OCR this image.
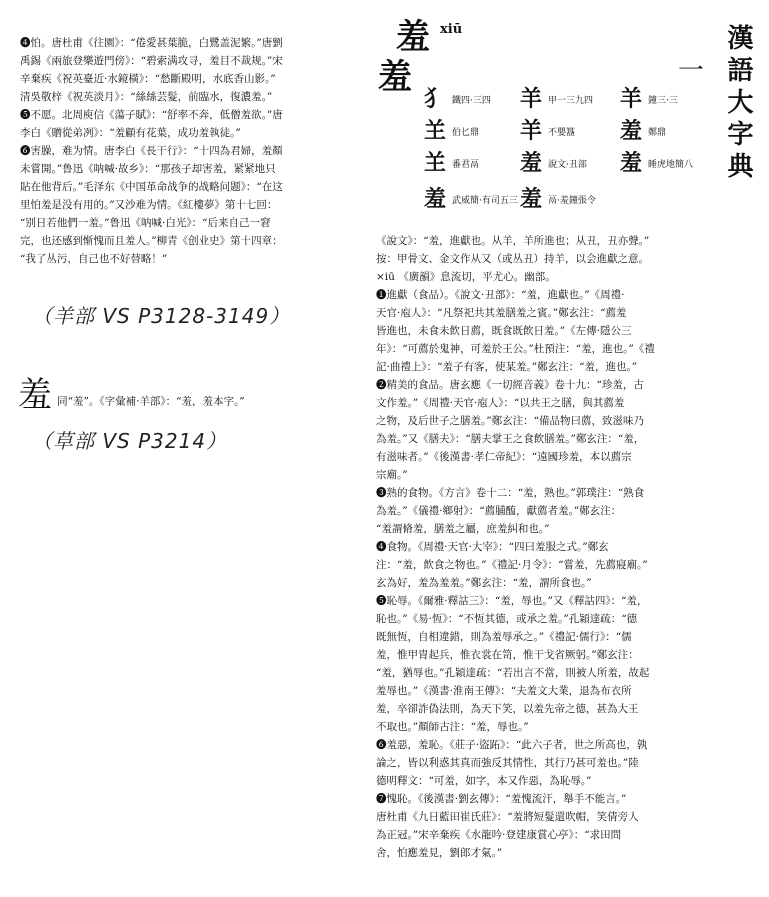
❹怕。唐杜甫《往園》：“倦愛甚葉脆，白鷺盖泥繁。”唐劉
禹錫《兩旅登樂遊門傍》：“碧索满攻寻，羞目不裁规。”宋
辛棄疾《祝英臺近·水鏡橫》：“愁斷殿明，水底香山影。”
清吳敬梓《祝英淡月》：“絲絲芸髮，前臨水，復濃羞。”
❺不愿。北周庾信《蕩子賦》：“舒率不奔，低僧羞欲。”唐
李白《贈從弟冽》：“羞顧有花葉，成功羞執徒。”
❻害臊，难为情。唐李白《長干行》：“十四為君婦，羞顏
未嘗開。”鲁迅《呐喊·故乡》：“那孩子却害羞，紧紧地只
貼在他背后。”毛泽东《中国革命战争的战略问题》：“在这
里怕羞是没有用的。”又沙难为情。《紅樓夢》第十七回：
“别日若他們一羞。”鲁迅《呐喊·白光》：“后来自己一窘
完，也还感到惭愧而且羞人。”柳青《创业史》第十四章：
“我了丛污，自己也不好替略！”
（羊部 VS P3128-3149）
羞 同“羞”。《字彙補·羊部》：“羞，羞本字。”
（草部 VS P3214）
羞 xiū
羞	一 漢語大字典
犭鐵四·三四 羊甲一三九四 羊鐘三·三
𦍌伯匕鼎 羊不嬰簋 羞鄭鼎
𦍌番君鬲 羞說文·丑部 羞睡虎地簡八
羞武威簡·有司五三 羞鬲·羞鐘張令
《說文》：“羞，進獻也。从羊，羊所進也；从丑，丑亦聲。”
按：甲骨文、金文作从又（或丛丑）持羊，以会進獻之意。
×iū 《廣韻》息流切，平尤心。幽部。
❶進獻（食品）。《說文·丑部》：“羞，進獻也。”《周禮·
天官·庖人》：“凡祭祀共其羞膳羞之賓。”鄭玄注：“薦羞
皆進也，未食未飲日薦，既食既飲日羞。”《左傳·隱公三
年》：“可薦於鬼神，可羞於王公。”杜預注：“羞，進也。”《禮
記·曲禮上》：“羞子有客，使某羞。”鄭玄注：“羞，進也。”
❷精美的食品。唐玄應《一切經音義》卷十九：“珍羞，古
文作羞。”《周禮·天官·庖人》：“以共王之膳，與其薦羞
之物，及后世子之膳羞。”鄭玄注：“備品物曰薦，致滋味乃
為羞。”又《膳夫》：“膳夫掌王之食飲膳羞。”鄭玄注：“羞，
有滋味者。”《後漢書·孝仁帝紀》：“遠國珍羞，本以薦宗
宗廟。”
❸熟的食物。《方言》卷十二：“羞，熟也。”郭璞注：“熟食
為羞。”《儀禮·鄉射》：“薦脯醢，獻薦者羞。”鄭玄注：
“羞謂脩羞，膳羞之屬，庶羞糾和也。”
❹食物。《周禮·天官·大宰》：“四曰羞服之式。”鄭玄
注：“羞，飲食之物也。”《禮記·月令》：“嘗羞，先薦寢廟。”
玄為好，羞為羞羞。”鄭玄注：“羞，謂所食也。”
❺恥辱。《爾雅·釋詁三》：“羞，辱也。”又《釋詁四》：“羞，
恥也。”《易·恆》：“不恆其德，或承之羞。”孔穎達疏：“德
既無恆，自相違錯，則為羞辱承之。”《禮記·儒行》：“儒
羞，惟甲胄起兵，惟衣裳在笥，惟干戈省厥躬。”鄭玄注：
“羞，猶辱也。”孔穎達疏：“若出言不當，則被人所羞，故起
羞辱也。”《漢書·淮南王傳》：“夫羞文大業，退為布衣所
羞，卒卻詐偽法則，為天下笑，以羞先帝之德，甚為大王
不取也。”顏師古注：“羞，辱也。”
❻羞惡，羞恥。《莊子·盜跖》：“此六子者，世之所高也，孰
論之，皆以利惑其真而強反其情性，其行乃甚可羞也。”陸
德明釋文：“可羞，如字，本又作惡，為恥辱。”
❼愧恥。《後漢書·劉玄傳》：“羞愧流汗，舉手不能言。”
唐杜甫《九日藍田崔氏莊》：“羞將短髮還吹帽，笑倩旁人
為正冠。”宋辛棄疾《水龍吟·登建康賞心亭》：“求田問
舍，怕應羞見，劉郎才氣。”
